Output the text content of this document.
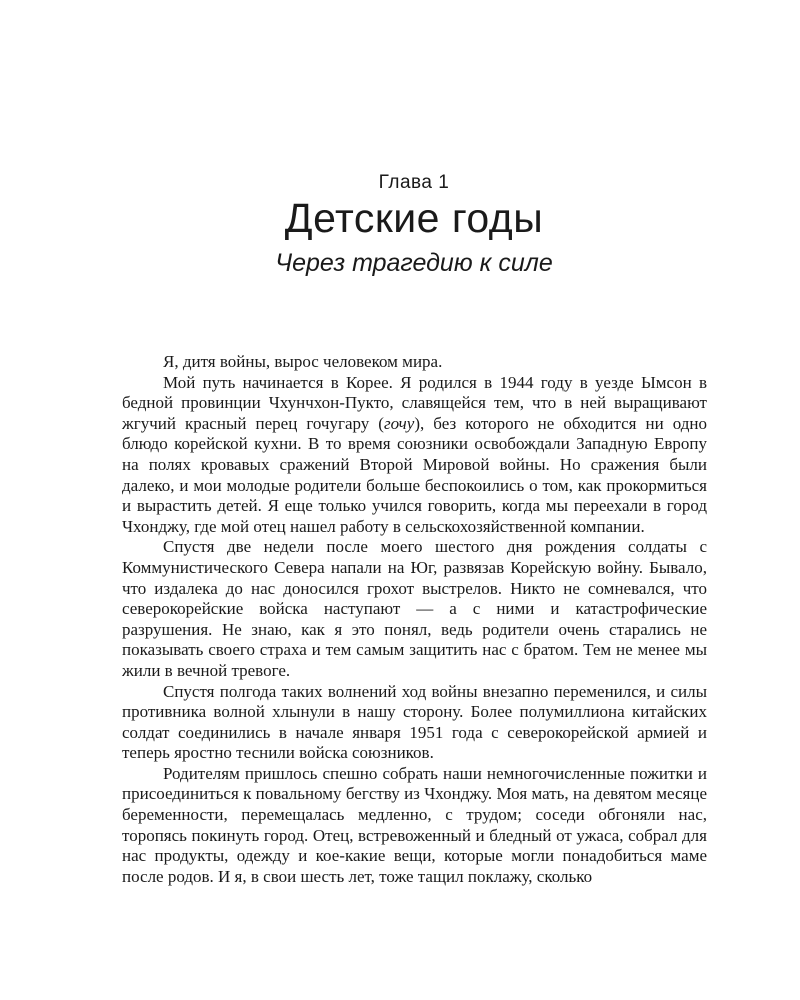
Глава 1
Детские годы
Через трагедию к силе

Я, дитя войны, вырос человеком мира.

Мой путь начинается в Корее. Я родился в 1944 году в уезде Ымсон в бедной провинции Чхунчхон-Пукто, славящейся тем, что в ней выращивают жгучий красный перец гочугару (гочу), без которого не обходится ни одно блюдо корейской кухни. В то время союзники освобождали Западную Европу на полях кровавых сражений Второй Мировой войны. Но сражения были далеко, и мои молодые родители больше беспокоились о том, как прокормиться и вырастить детей. Я еще только учился говорить, когда мы переехали в город Чхонджу, где мой отец нашел работу в сельскохозяйственной компании.

Спустя две недели после моего шестого дня рождения солдаты с Коммунистического Севера напали на Юг, развязав Корейскую войну. Бывало, что издалека до нас доносился грохот выстрелов. Никто не сомневался, что северокорейские войска наступают — а с ними и катастрофические разрушения. Не знаю, как я это понял, ведь родители очень старались не показывать своего страха и тем самым защитить нас с братом. Тем не менее мы жили в вечной тревоге.

Спустя полгода таких волнений ход войны внезапно переменился, и силы противника волной хлынули в нашу сторону. Более полумиллиона китайских солдат соединились в начале января 1951 года с северокорейской армией и теперь яростно теснили войска союзников.

Родителям пришлось спешно собрать наши немногочисленные пожитки и присоединиться к повальному бегству из Чхонджу. Моя мать, на девятом месяце беременности, перемещалась медленно, с трудом; соседи обгоняли нас, торопясь покинуть город. Отец, встревоженный и бледный от ужаса, собрал для нас продукты, одежду и кое-какие вещи, которые могли понадобиться маме после родов. И я, в свои шесть лет, тоже тащил поклажу, сколько
